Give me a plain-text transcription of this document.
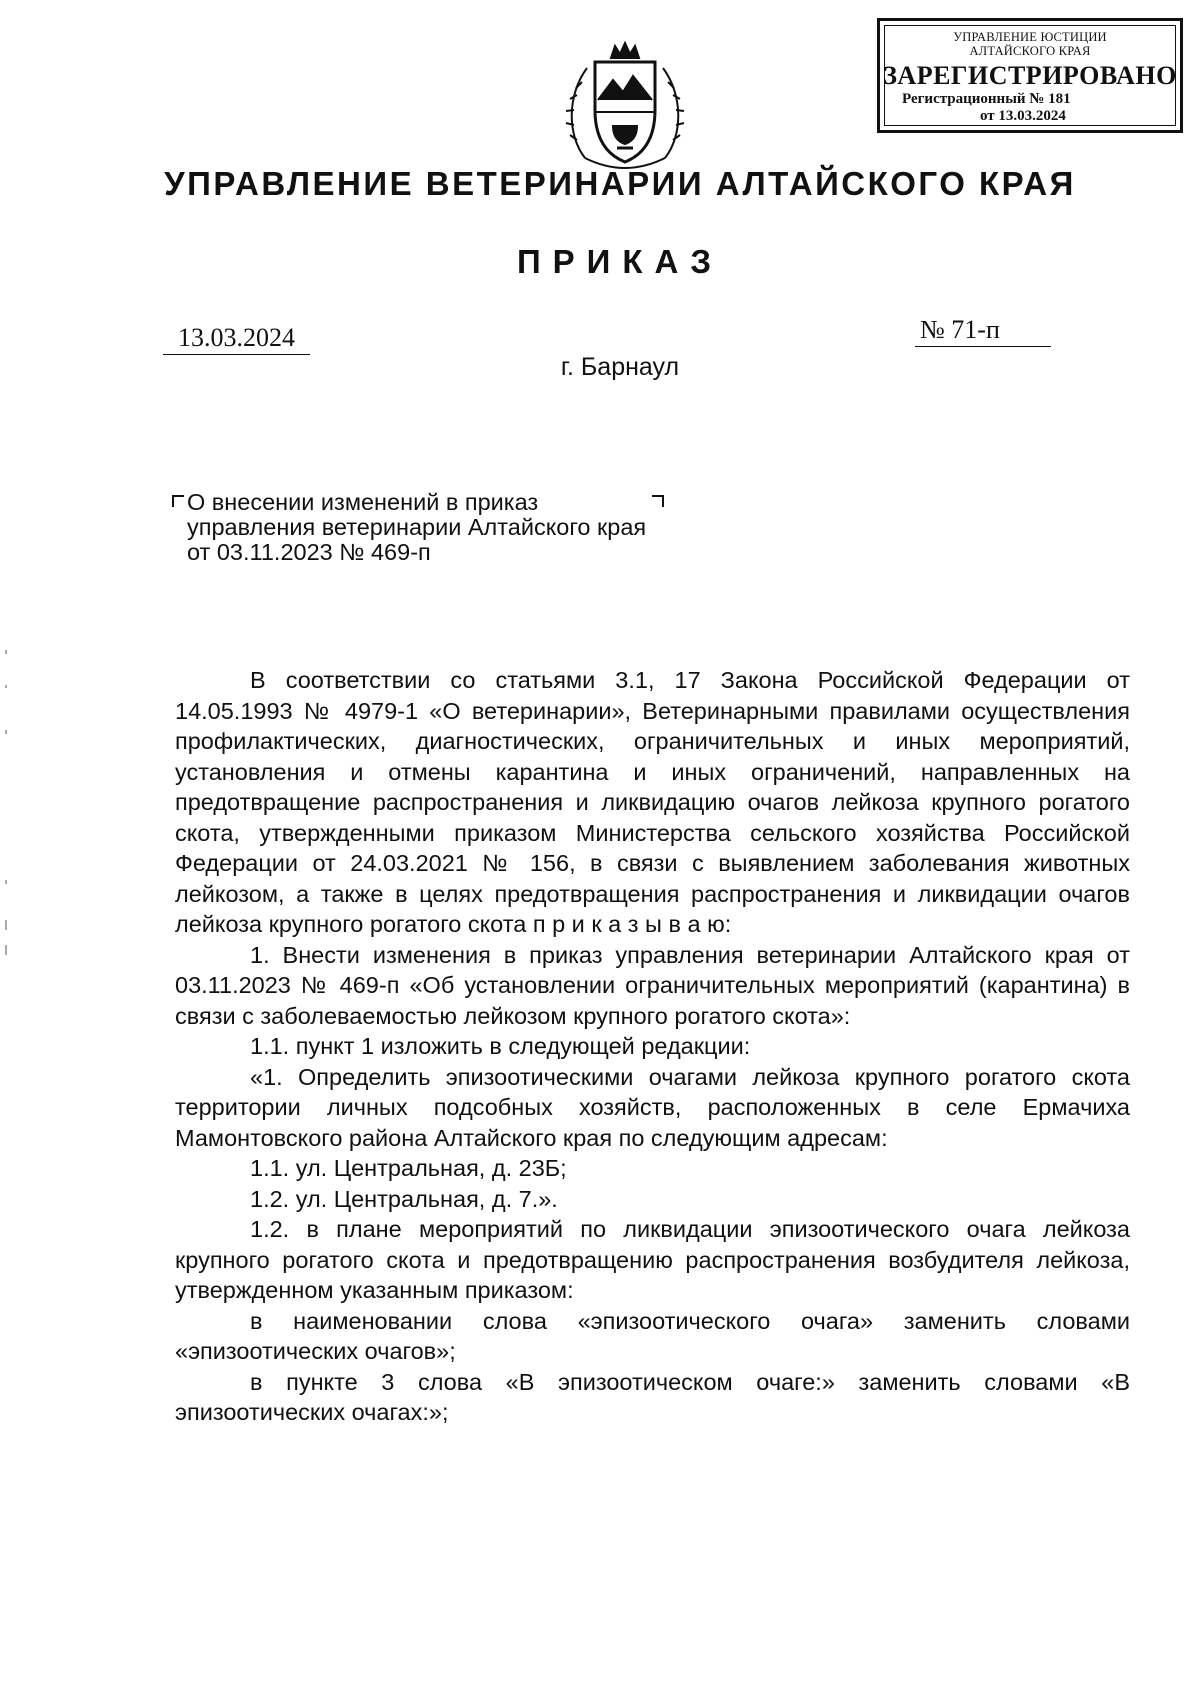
УПРАВЛЕНИЕ ЮСТИЦИИ
АЛТАЙСКОГО КРАЯ
ЗАРЕГИСТРИРОВАНО
Регистрационный № 181
от 13.03.2024
УПРАВЛЕНИЕ ВЕТЕРИНАРИИ АЛТАЙСКОГО КРАЯ
ПРИКАЗ
13.03.2024	№ 71-п
г. Барнаул
О внесении изменений в приказ управления ветеринарии Алтайского края от 03.11.2023 № 469-п

В соответствии со статьями 3.1, 17 Закона Российской Федерации от 14.05.1993 № 4979-1 «О ветеринарии», Ветеринарными правилами осуществления профилактических, диагностических, ограничительных и иных мероприятий, установления и отмены карантина и иных ограничений, направленных на предотвращение распространения и ликвидацию очагов лейкоза крупного рогатого скота, утвержденными приказом Министерства сельского хозяйства Российской Федерации от 24.03.2021 № 156, в связи с выявлением заболевания животных лейкозом, а также в целях предотвращения распространения и ликвидации очагов лейкоза крупного рогатого скота п р и к а з ы в а ю:

1. Внести изменения в приказ управления ветеринарии Алтайского края от 03.11.2023 № 469-п «Об установлении ограничительных мероприятий (карантина) в связи с заболеваемостью лейкозом крупного рогатого скота»:

1.1. пункт 1 изложить в следующей редакции:

«1. Определить эпизоотическими очагами лейкоза крупного рогатого скота территории личных подсобных хозяйств, расположенных в селе Ермачиха Мамонтовского района Алтайского края по следующим адресам:

1.1. ул. Центральная, д. 23Б;

1.2. ул. Центральная, д. 7.».

1.2. в плане мероприятий по ликвидации эпизоотического очага лейкоза крупного рогатого скота и предотвращению распространения возбудителя лейкоза, утвержденном указанным приказом:

в наименовании слова «эпизоотического очага» заменить словами «эпизоотических очагов»;

в пункте 3 слова «В эпизоотическом очаге:» заменить словами «В эпизоотических очагах:»;
